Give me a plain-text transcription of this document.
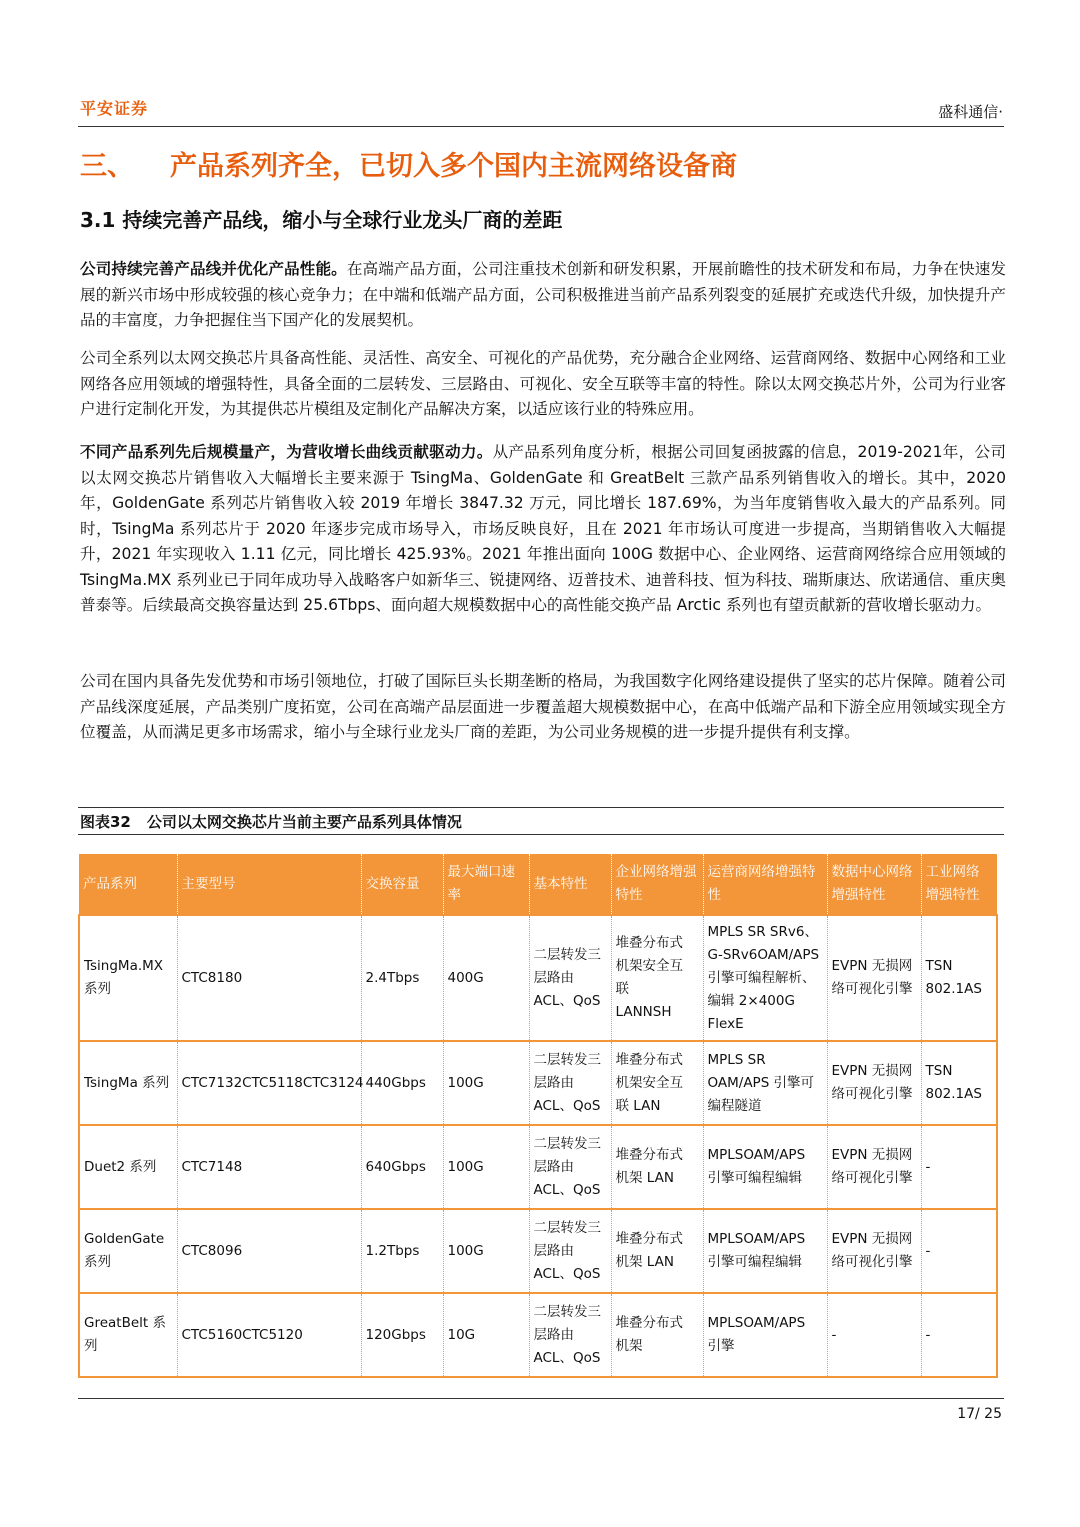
平安证券	盛科通信·
三、 产品系列齐全，已切入多个国内主流网络设备商
3.1 持续完善产品线，缩小与全球行业龙头厂商的差距
公司持续完善产品线并优化产品性能。在高端产品方面，公司注重技术创新和研发积累，开展前瞻性的技术研发和布局，力争在快速发展的新兴市场中形成较强的核心竞争力；在中端和低端产品方面，公司积极推进当前产品系列裂变的延展扩充或迭代升级，加快提升产品的丰富度，力争把握住当下国产化的发展契机。
公司全系列以太网交换芯片具备高性能、灵活性、高安全、可视化的产品优势，充分融合企业网络、运营商网络、数据中心网络和工业网络各应用领域的增强特性，具备全面的二层转发、三层路由、可视化、安全互联等丰富的特性。除以太网交换芯片外，公司为行业客户进行定制化开发，为其提供芯片模组及定制化产品解决方案，以适应该行业的特殊应用。
不同产品系列先后规模量产，为营收增长曲线贡献驱动力。从产品系列角度分析，根据公司回复函披露的信息，2019-2021年，公司以太网交换芯片销售收入大幅增长主要来源于 TsingMa、GoldenGate 和 GreatBelt 三款产品系列销售收入的增长。其中，2020 年，GoldenGate 系列芯片销售收入较 2019 年增长 3847.32 万元，同比增长 187.69%，为当年度销售收入最大的产品系列。同时，TsingMa 系列芯片于 2020 年逐步完成市场导入，市场反映良好，且在 2021 年市场认可度进一步提高，当期销售收入大幅提升，2021 年实现收入 1.11 亿元，同比增长 425.93%。2021 年推出面向 100G 数据中心、企业网络、运营商网络综合应用领域的 TsingMa.MX 系列业已于同年成功导入战略客户如新华三、锐捷网络、迈普技术、迪普科技、恒为科技、瑞斯康达、欣诺通信、重庆奥普泰等。后续最高交换容量达到 25.6Tbps、面向超大规模数据中心的高性能交换产品 Arctic 系列也有望贡献新的营收增长驱动力。
公司在国内具备先发优势和市场引领地位，打破了国际巨头长期垄断的格局，为我国数字化网络建设提供了坚实的芯片保障。随着公司产品线深度延展，产品类别广度拓宽，公司在高端产品层面进一步覆盖超大规模数据中心，在高中低端产品和下游全应用领域实现全方位覆盖，从而满足更多市场需求，缩小与全球行业龙头厂商的差距，为公司业务规模的进一步提升提供有利支撑。
图表32 公司以太网交换芯片当前主要产品系列具体情况
产品系列	主要型号	交换容量	最大端口速率	基本特性	企业网络增强特性	运营商网络增强特性	数据中心网络增强特性	工业网络增强特性
TsingMa.MX
系列	CTC8180	2.4Tbps	400G	二层转发三
层路由
ACL、QoS	堆叠分布式
机架安全互
联
LANNSH	MPLS SR SRv6、
G-SRv6OAM/APS
引擎可编程解析、
编辑 2×400G
FlexE	EVPN 无损网
络可视化引擎	TSN
802.1AS
TsingMa 系列	CTC7132CTC5118CTC3124	440Gbps	100G	二层转发三
层路由
ACL、QoS	堆叠分布式
机架安全互
联 LAN	MPLS SR
OAM/APS 引擎可
编程隧道	EVPN 无损网
络可视化引擎	TSN
802.1AS
Duet2 系列	CTC7148	640Gbps	100G	二层转发三
层路由
ACL、QoS	堆叠分布式
机架 LAN	MPLSOAM/APS
引擎可编程编辑	EVPN 无损网
络可视化引擎	-
GoldenGate
系列	CTC8096	1.2Tbps	100G	二层转发三
层路由
ACL、QoS	堆叠分布式
机架 LAN	MPLSOAM/APS
引擎可编程编辑	EVPN 无损网
络可视化引擎	-
GreatBelt 系
列	CTC5160CTC5120	120Gbps	10G	二层转发三
层路由
ACL、QoS	堆叠分布式
机架	MPLSOAM/APS
引擎	-	-
17/ 25
